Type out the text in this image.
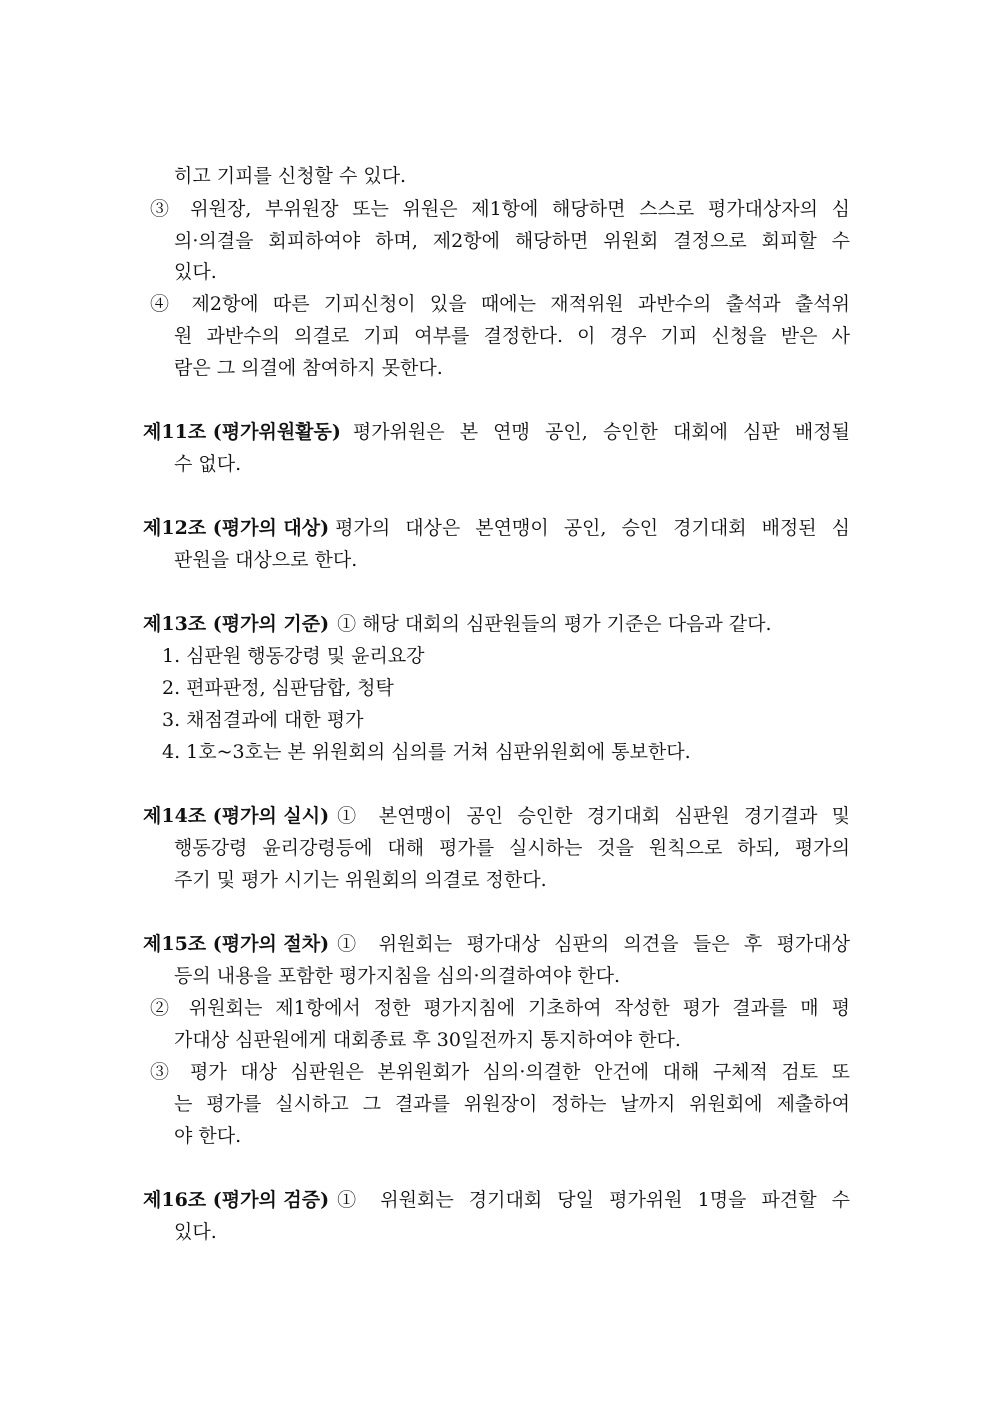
히고 기피를 신청할 수 있다.
③ 위원장, 부위원장 또는 위원은 제1항에 해당하면 스스로 평가대상자의 심
의·의결을 회피하여야 하며, 제2항에 해당하면 위원회 결정으로 회피할 수
있다.
④ 제2항에 따른 기피신청이 있을 때에는 재적위원 과반수의 출석과 출석위
원 과반수의 의결로 기피 여부를 결정한다. 이 경우 기피 신청을 받은 사
람은 그 의결에 참여하지 못한다.
제11조 (평가위원활동) 평가위원은 본 연맹 공인, 승인한 대회에 심판 배정될
수 없다.
제12조 (평가의 대상) 평가의 대상은 본연맹이 공인, 승인 경기대회 배정된 심
판원을 대상으로 한다.
제13조 (평가의 기준) ① 해당 대회의 심판원들의 평가 기준은 다음과 같다.
1. 심판원 행동강령 및 윤리요강
2. 편파판정, 심판담합, 청탁
3. 채점결과에 대한 평가
4. 1호~3호는 본 위원회의 심의를 거쳐 심판위원회에 통보한다.
제14조 (평가의 실시) ① 본연맹이 공인 승인한 경기대회 심판원 경기결과 및
행동강령 윤리강령등에 대해 평가를 실시하는 것을 원칙으로 하되, 평가의
주기 및 평가 시기는 위원회의 의결로 정한다.
제15조 (평가의 절차) ① 위원회는 평가대상 심판의 의견을 들은 후 평가대상
등의 내용을 포함한 평가지침을 심의·의결하여야 한다.
② 위원회는 제1항에서 정한 평가지침에 기초하여 작성한 평가 결과를 매 평
가대상 심판원에게 대회종료 후 30일전까지 통지하여야 한다.
③ 평가 대상 심판원은 본위원회가 심의·의결한 안건에 대해 구체적 검토 또
는 평가를 실시하고 그 결과를 위원장이 정하는 날까지 위원회에 제출하여
야 한다.
제16조 (평가의 검증) ① 위원회는 경기대회 당일 평가위원 1명을 파견할 수
있다.
